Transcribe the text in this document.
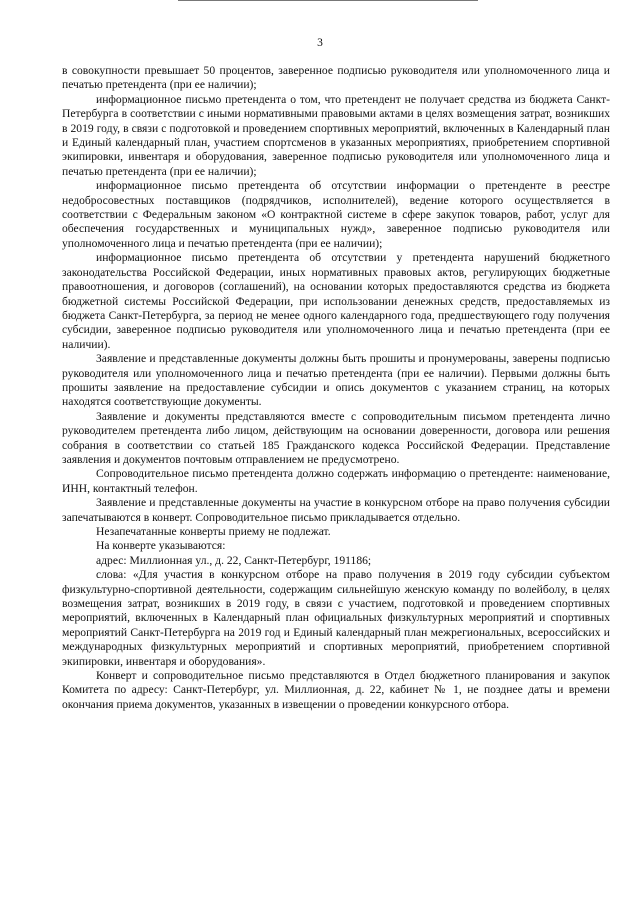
3

в совокупности превышает 50 процентов, заверенное подписью руководителя или уполномоченного лица и печатью претендента (при ее наличии);

информационное письмо претендента о том, что претендент не получает средства из бюджета Санкт-Петербурга в соответствии с иными нормативными правовыми актами в целях возмещения затрат, возникших в 2019 году, в связи с подготовкой и проведением спортивных мероприятий, включенных в Календарный план и Единый календарный план, участием спортсменов в указанных мероприятиях, приобретением спортивной экипировки, инвентаря и оборудования, заверенное подписью руководителя или уполномоченного лица и печатью претендента (при ее наличии);

информационное письмо претендента об отсутствии информации о претенденте в реестре недобросовестных поставщиков (подрядчиков, исполнителей), ведение которого осуществляется в соответствии с Федеральным законом «О контрактной системе в сфере закупок товаров, работ, услуг для обеспечения государственных и муниципальных нужд», заверенное подписью руководителя или уполномоченного лица и печатью претендента (при ее наличии);

информационное письмо претендента об отсутствии у претендента нарушений бюджетного законодательства Российской Федерации, иных нормативных правовых актов, регулирующих бюджетные правоотношения, и договоров (соглашений), на основании которых предоставляются средства из бюджета бюджетной системы Российской Федерации, при использовании денежных средств, предоставляемых из бюджета Санкт-Петербурга, за период не менее одного календарного года, предшествующего году получения субсидии, заверенное подписью руководителя или уполномоченного лица и печатью претендента (при ее наличии).

Заявление и представленные документы должны быть прошиты и пронумерованы, заверены подписью руководителя или уполномоченного лица и печатью претендента (при ее наличии). Первыми должны быть прошиты заявление на предоставление субсидии и опись документов с указанием страниц, на которых находятся соответствующие документы.

Заявление и документы представляются вместе с сопроводительным письмом претендента лично руководителем претендента либо лицом, действующим на основании доверенности, договора или решения собрания в соответствии со статьей 185 Гражданского кодекса Российской Федерации. Представление заявления и документов почтовым отправлением не предусмотрено.

Сопроводительное письмо претендента должно содержать информацию о претенденте: наименование, ИНН, контактный телефон.

Заявление и представленные документы на участие в конкурсном отборе на право получения субсидии запечатываются в конверт. Сопроводительное письмо прикладывается отдельно.

Незапечатанные конверты приему не подлежат.

На конверте указываются:

адрес: Миллионная ул., д. 22, Санкт-Петербург, 191186;

слова: «Для участия в конкурсном отборе на право получения в 2019 году субсидии субъектом физкультурно-спортивной деятельности, содержащим сильнейшую женскую команду по волейболу, в целях возмещения затрат, возникших в 2019 году, в связи с участием, подготовкой и проведением спортивных мероприятий, включенных в Календарный план официальных физкультурных мероприятий и спортивных мероприятий Санкт-Петербурга на 2019 год и Единый календарный план межрегиональных, всероссийских и международных физкультурных мероприятий и спортивных мероприятий, приобретением спортивной экипировки, инвентаря и оборудования».

Конверт и сопроводительное письмо представляются в Отдел бюджетного планирования и закупок Комитета по адресу: Санкт-Петербург, ул. Миллионная, д. 22, кабинет № 1, не позднее даты и времени окончания приема документов, указанных в извещении о проведении конкурсного отбора.
